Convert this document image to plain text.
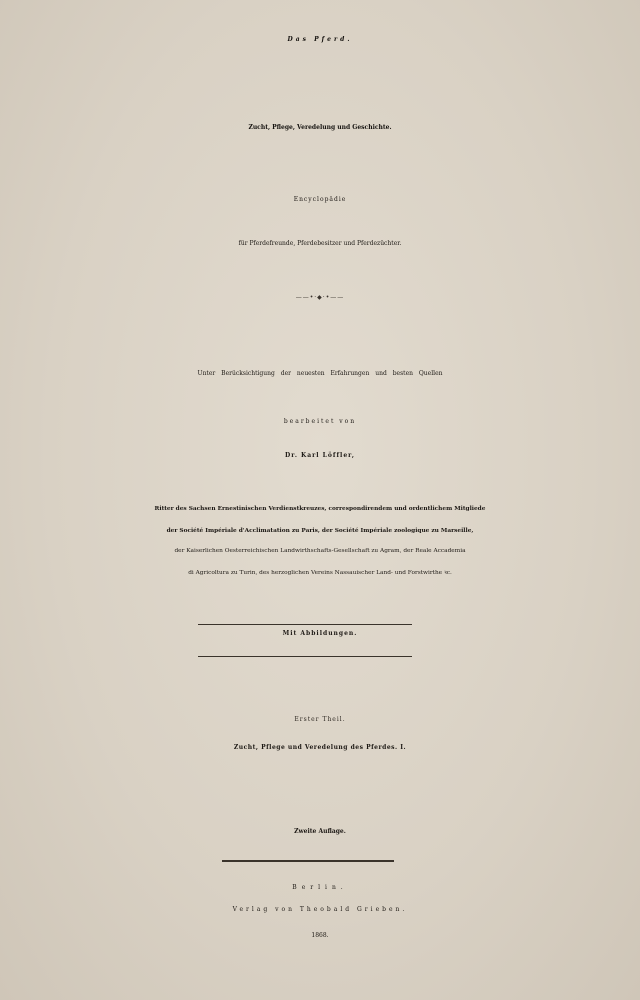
Das Pferd.
Zucht, Pflege, Veredelung und Geschichte.
Encyclopädie
für Pferdefreunde, Pferdebesitzer und Pferdezüchter.
——•·◆·•——
Unter Berücksichtigung der neuesten Erfahrungen und besten Quellen
bearbeitet von
Dr. Karl Löffler,
Ritter des Sachsen Ernestinischen Verdienstkreuzes, correspondirendem und ordentlichem Mitgliede
der Société Impériale d'Acclimatation zu Paris, der Société Impériale zoologique zu Marseille,
der Kaiserlichen Oesterreichischen Landwirthschafts-Gesellschaft zu Agram, der Reale Accademia
di Agricoltura zu Turin, des herzoglichen Vereins Nassauischer Land- und Forstwirthe ꝛc.
Mit Abbildungen.
Erster Theil.
Zucht, Pflege und Veredelung des Pferdes. I.
Zweite Auflage.
Berlin.
Verlag von Theobald Grieben.
1868.
